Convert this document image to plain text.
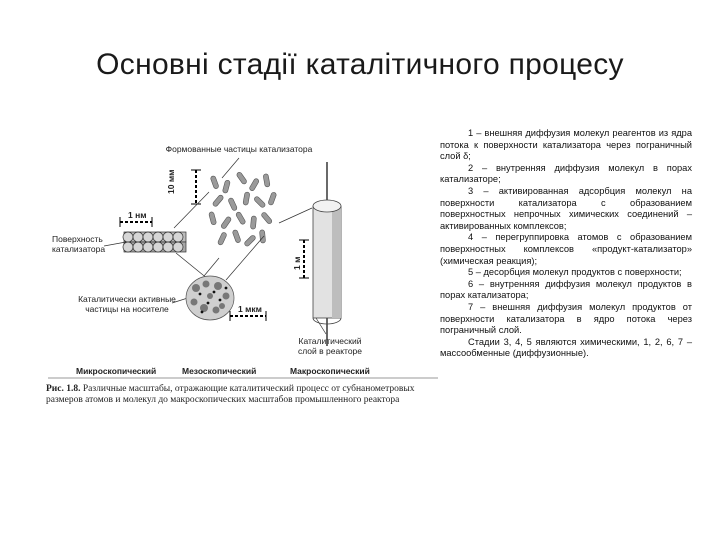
Основні стадії каталітичного процесу
Формованные частицы катализатора
10 мм
1 нм
Поверхность катализатора
1 м
Каталитически активные частицы на носителе	1 мкм
Каталитический слой в реакторе
Микроскопический	Мезоскопический	Макроскопический
Рис. 1.8. Различные масштабы, отражающие каталитический процесс от субнанометровых размеров атомов и молекул до макроскопических масштабов промышленного реактора

1 – внешняя диффузия молекул реагентов из ядра потока к поверхности катализатора через пограничный слой δ;

2 – внутренняя диффузия молекул в порах катализаторе;

3 – активированная адсорбция молекул на поверхности катализатора с образованием поверхностных непрочных химических соединений – активированных комплексов;

4 – перегруппировка атомов с образованием поверхностных комплексов «продукт-катализатор» (химическая реакция);

5 – десорбция молекул продуктов с поверхности;

6 – внутренняя диффузия молекул продуктов в порах катализатора;

7 – внешняя диффузия молекул продуктов от поверхности катализатора в ядро потока через пограничный слой.

Стадии 3, 4, 5 являются химическими, 1, 2, 6, 7 – массообменные (диффузионные).
